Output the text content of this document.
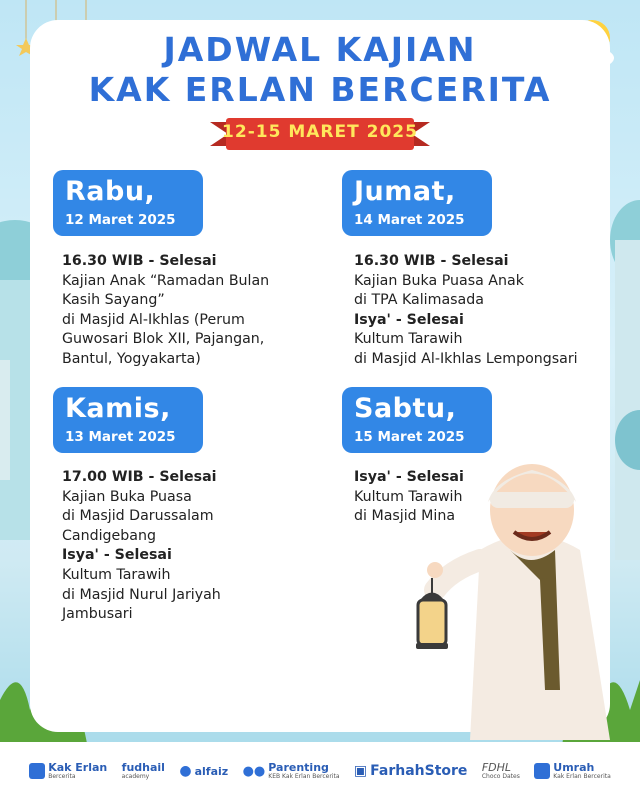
JADWAL KAJIAN
KAK ERLAN BERCERITA
12-15 MARET 2025
Rabu,
12 Maret 2025
Jumat,
14 Maret 2025
Kamis,
13 Maret 2025
Sabtu,
15 Maret 2025
16.30 WIB - Selesai
Kajian Anak “Ramadan Bulan
Kasih Sayang”
di Masjid Al-Ikhlas (Perum
Guwosari Blok XII, Pajangan,
Bantul, Yogyakarta)
16.30 WIB - Selesai
Kajian Buka Puasa Anak
di TPA Kalimasada
Isya' - Selesai
Kultum Tarawih
di Masjid Al-Ikhlas Lempongsari
17.00 WIB - Selesai
Kajian Buka Puasa
di Masjid Darussalam
Candigebang
Isya' - Selesai
Kultum Tarawih
di Masjid Nurul Jariyah
Jambusari
Isya' - Selesai
Kultum Tarawih
di Masjid Mina
Kak Erlan
Bercerita
fudhail
academy	● alfaiz ●● Parenting
KEB Kak Erlan Bercerita ▣ FarhahStore FDHL
Choco Dates
Umrah
Kak Erlan Bercerita
